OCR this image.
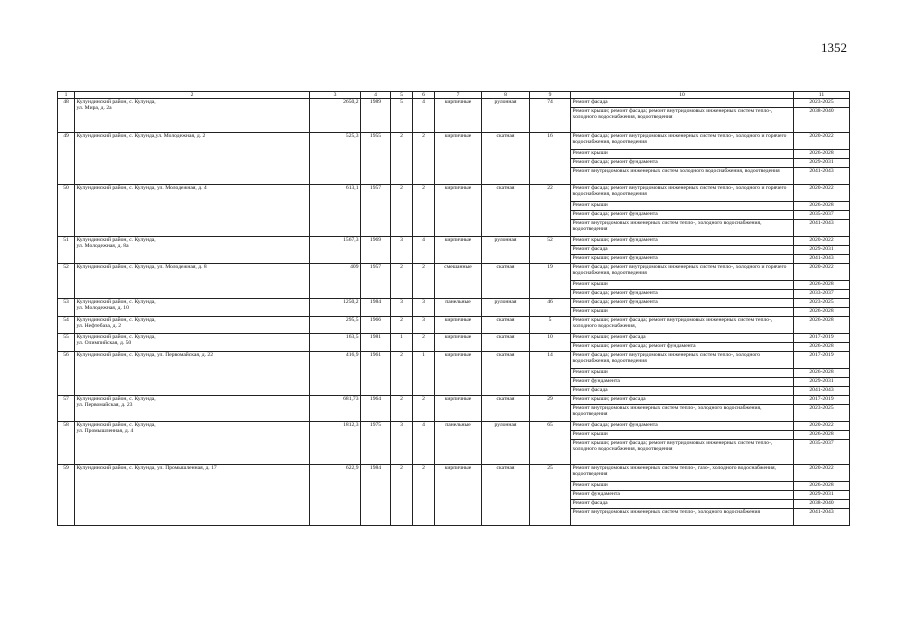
1352
1	2	3	4	5	6	7	8	9	10	11
48	Кулундинский район, с. Кулунда,
ул. Мира, д. 2а	2650,2	1989	5	4	кирпичные	рулонная	74	Ремонт фасада	2023-2025
									Ремонт крыши; ремонт фасада; ремонт внутридомовых инженерных систем тепло-, холодного водоснабжения, водоотведения	2038-2040
49	Кулундинский район, с. Кулунда,ул. Молодежная, д. 2	525,3	1955	2	2	кирпичные	скатная	16	Ремонт фасада; ремонт внутридомовых инженерных систем тепло-, холодного и горячего водоснабжения, водоотведения	2020-2022
									Ремонт крыши	2026-2028
									Ремонт фасада; ремонт фундамента	2029-2031
									Ремонт внутридомовых инженерных систем холодного водоснабжения, водоотведения	2041-2043
50	Кулундинский район, с. Кулунда, ул. Молодежная, д. 4	613,1	1957	2	2	кирпичные	скатная	22	Ремонт фасада; ремонт внутридомовых инженерных систем тепло-, холодного и горячего водоснабжения, водоотведения	2020-2022
									Ремонт крыши	2026-2028
									Ремонт фасада; ремонт фундамента	2035-2037
									Ремонт внутридомовых инженерных систем тепло-, холодного водоснабжения, водоотведения	2041-2043
51	Кулундинский район, с. Кулунда,
ул. Молодежная, д. 8а	1567,3	1969	3	4	кирпичные	рулонная	52	Ремонт крыши; ремонт фундамента	2020-2022
									Ремонт фасада	2029-2031
									Ремонт крыши; ремонт фундамента	2041-2043
52	Кулундинский район, с. Кулунда, ул. Молодежная, д. 8	409	1957	2	2	смешанные	скатная	19	Ремонт фасада; ремонт внутридомовых инженерных систем тепло-, холодного и горячего водоснабжения, водоотведения	2020-2022
									Ремонт крыши	2026-2028
									Ремонт фасада; ремонт фундамента	2033-2037
53	Кулундинский район, с. Кулунда,
ул. Молодежная, д. 10	1250,2	1984	3	3	панельные	рулонная	46	Ремонт фасада; ремонт фундамента	2023-2025
									Ремонт крыши	2026-2028
54	Кулундинский район, с. Кулунда,
ул. Нефтебаза, д. 2	295,5	1966	2	3	кирпичные	скатная	5	Ремонт крыши; ремонт фасада; ремонт внутридомовых инженерных систем тепло-, холодного водоснабжения,	2026-2028
55	Кулундинский район, с. Кулунда,
ул. Олимпийская, д. 50	163,5	1981	1	2	кирпичные	скатная	10	Ремонт крыши; ремонт фасада	2017-2019
									Ремонт крыши; ремонт фасада; ремонт фундамента	2026-2028
56	Кулундинский район, с. Кулунда, ул. Первомайская, д. 22	416,9	1961	2	1	кирпичные	скатная	14	Ремонт фасада; ремонт внутридомовых инженерных систем тепло-, холодного водоснабжения, водоотведения	2017-2019
									Ремонт крыши	2026-2028
									Ремонт фундамента	2029-2031
									Ремонт фасада	2041-2043
57	Кулундинский район, с. Кулунда,
ул. Первомайская, д. 23	681,73	1964	2	2	кирпичные	скатная	29	Ремонт крыши; ремонт фасада	2017-2019
									Ремонт внутридомовых инженерных систем тепло-, холодного водоснабжения, водоотведения	2023-2025
58	Кулундинский район, с. Кулунда,
ул. Промышленная, д. 4	1812,3	1975	3	4	панельные	рулонная	65	Ремонт фасада; ремонт фундамента	2020-2022
									Ремонт крыши	2026-2028
									Ремонт крыши; ремонт фасада; ремонт внутридомовых инженерных систем тепло-, холодного водоснабжения, водоотведения	2035-2037
59	Кулундинский район, с. Кулунда, ул. Промышленная, д. 17	622,9	1984	2	2	кирпичные	скатная	25	Ремонт внутридомовых инженерных систем тепло-, газо-, холодного водоснабжения, водоотведения	2020-2022
									Ремонт крыши	2026-2028
									Ремонт фундамента	2029-2031
									Ремонт фасада	2038-2040
									Ремонт внутридомовых инженерных систем тепло-, холодного водоснабжения	2041-2043
